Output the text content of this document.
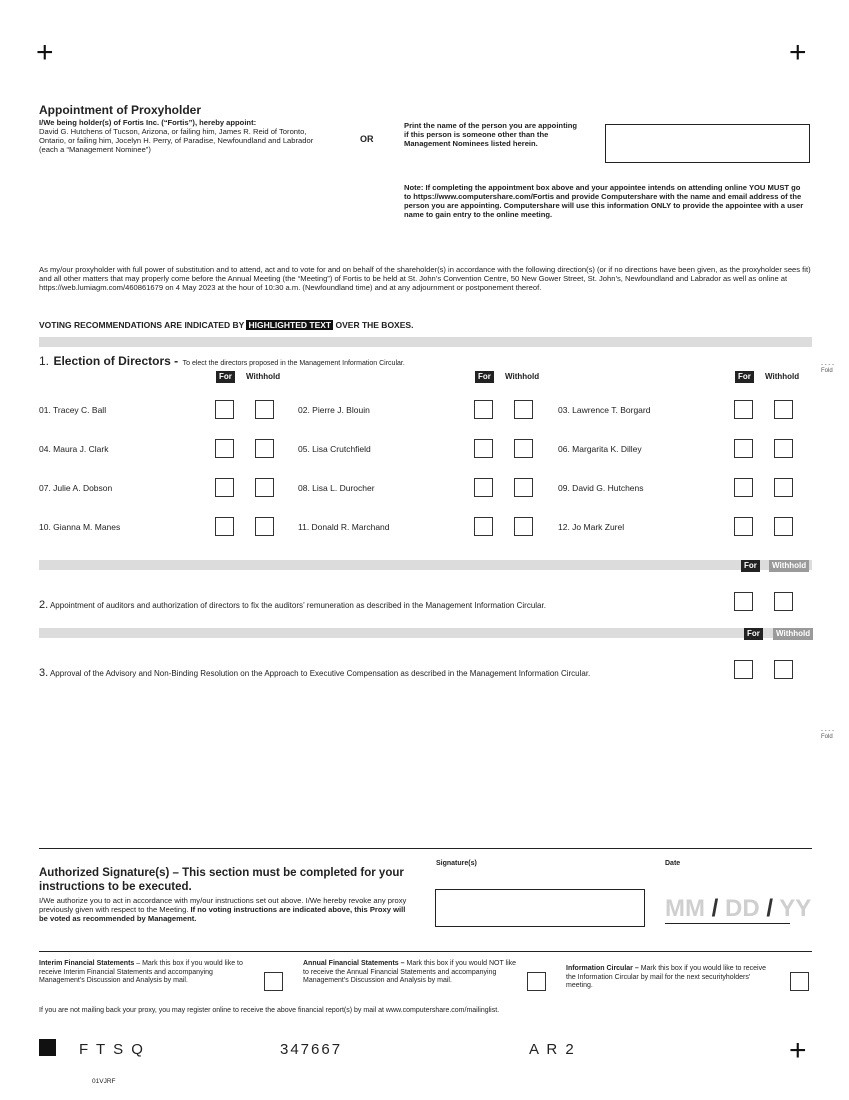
+	+
Appointment of Proxyholder
I/We being holder(s) of Fortis Inc. (“Fortis”), hereby appoint:
David G. Hutchens of Tucson, Arizona, or failing him, James R. Reid of Toronto, Ontario, or failing him, Jocelyn H. Perry, of Paradise, Newfoundland and Labrador (each a “Management Nominee”)
OR
Print the name of the person you are appointing if this person is someone other than the Management Nominees listed herein.
Note: If completing the appointment box above and your appointee intends on attending online YOU MUST go to https://www.computershare.com/Fortis and provide Computershare with the name and email address of the person you are appointing. Computershare will use this information ONLY to provide the appointee with a user name to gain entry to the online meeting.
As my/our proxyholder with full power of substitution and to attend, act and to vote for and on behalf of the shareholder(s) in accordance with the following direction(s) (or if no directions have been given, as the proxyholder sees fit) and all other matters that may properly come before the Annual Meeting (the “Meeting”) of Fortis to be held at St. John’s Convention Centre, 50 New Gower Street, St. John’s, Newfoundland and Labrador as well as online at https://web.lumiagm.com/460861679 on 4 May 2023 at the hour of 10:30 a.m. (Newfoundland time) and at any adjournment or postponement thereof.
VOTING RECOMMENDATIONS ARE INDICATED BY HIGHLIGHTED TEXT OVER THE BOXES.
1. Election of Directors - To elect the directors proposed in the Management Information Circular.
For	Withhold	For	Withhold	For	Withhold
- - - -
Fold
01. Tracey C. Ball	02. Pierre J. Blouin	03. Lawrence T. Borgard
04. Maura J. Clark	05. Lisa Crutchfield	06. Margarita K. Dilley
07. Julie A. Dobson	08. Lisa L. Durocher	09. David G. Hutchens
10. Gianna M. Manes	11. Donald R. Marchand	12. Jo Mark Zurel
For	Withhold
2. Appointment of auditors and authorization of directors to fix the auditors’ remuneration as described in the Management Information Circular.
For	Withhold
3. Approval of the Advisory and Non-Binding Resolution on the Approach to Executive Compensation as described in the Management Information Circular.
- - - -
Fold
Authorized Signature(s) – This section must be completed for your instructions to be executed.
I/We authorize you to act in accordance with my/our instructions set out above. I/We hereby revoke any proxy previously given with respect to the Meeting. If no voting instructions are indicated above, this Proxy will be voted as recommended by Management.
Signature(s)	Date
MM / DD / YY
Interim Financial Statements – Mark this box if you would like to receive Interim Financial Statements and accompanying Management’s Discussion and Analysis by mail.
Annual Financial Statements – Mark this box if you would NOT like to receive the Annual Financial Statements and accompanying Management’s Discussion and Analysis by mail.
Information Circular – Mark this box if you would like to receive the Information Circular by mail for the next securityholders’ meeting.
If you are not mailing back your proxy, you may register online to receive the above financial report(s) by mail at www.computershare.com/mailinglist.
F T S Q	347667	A R 2	+
01VJRF
